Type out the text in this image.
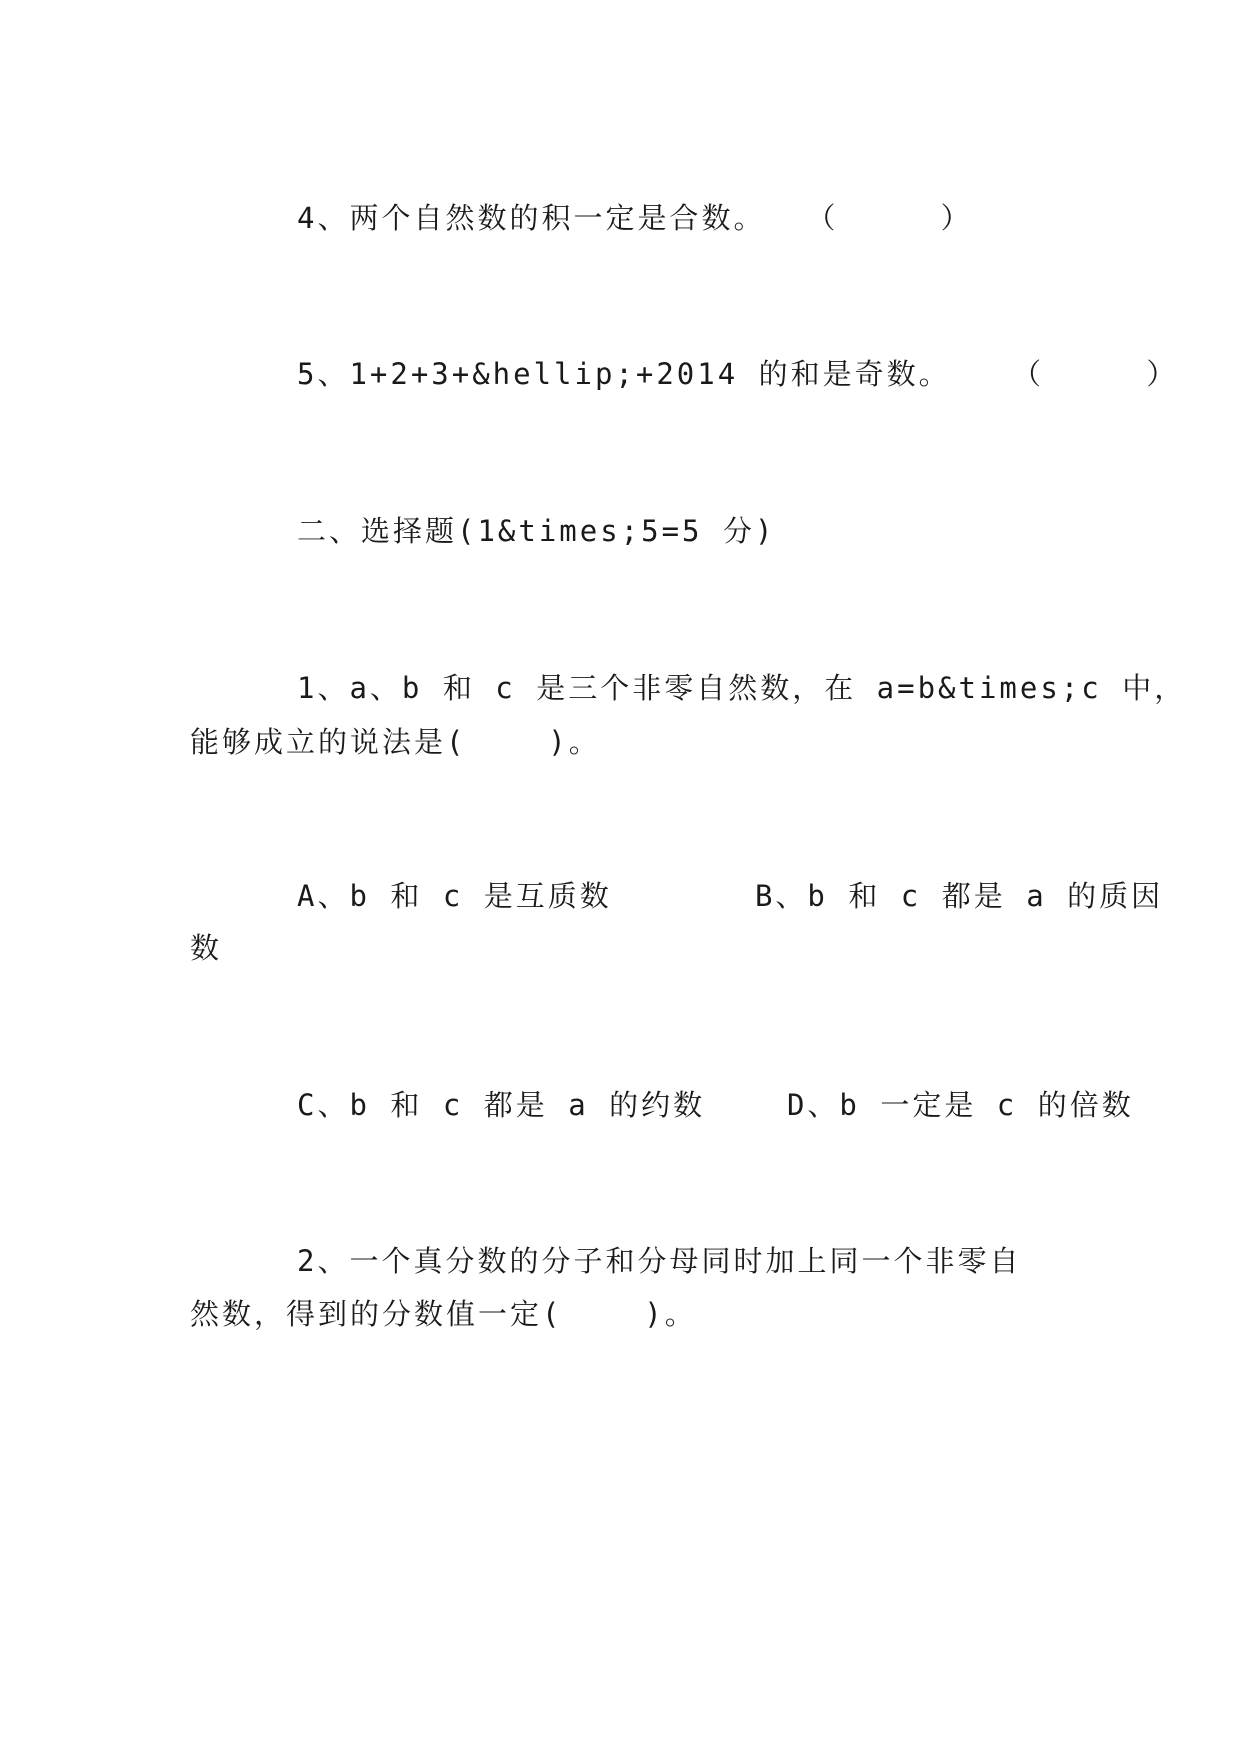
4、两个自然数的积一定是合数。  （     ）
5、1+2+3+&hellip;+2014 的和是奇数。   （     ）
二、选择题(1&times;5=5 分)
1、a、b 和 c 是三个非零自然数，在 a=b&times;c 中，
能够成立的说法是(    )。
A、b 和 c 是互质数       B、b 和 c 都是 a 的质因
数
C、b 和 c 都是 a 的约数    D、b 一定是 c 的倍数
2、一个真分数的分子和分母同时加上同一个非零自
然数，得到的分数值一定(    )。
